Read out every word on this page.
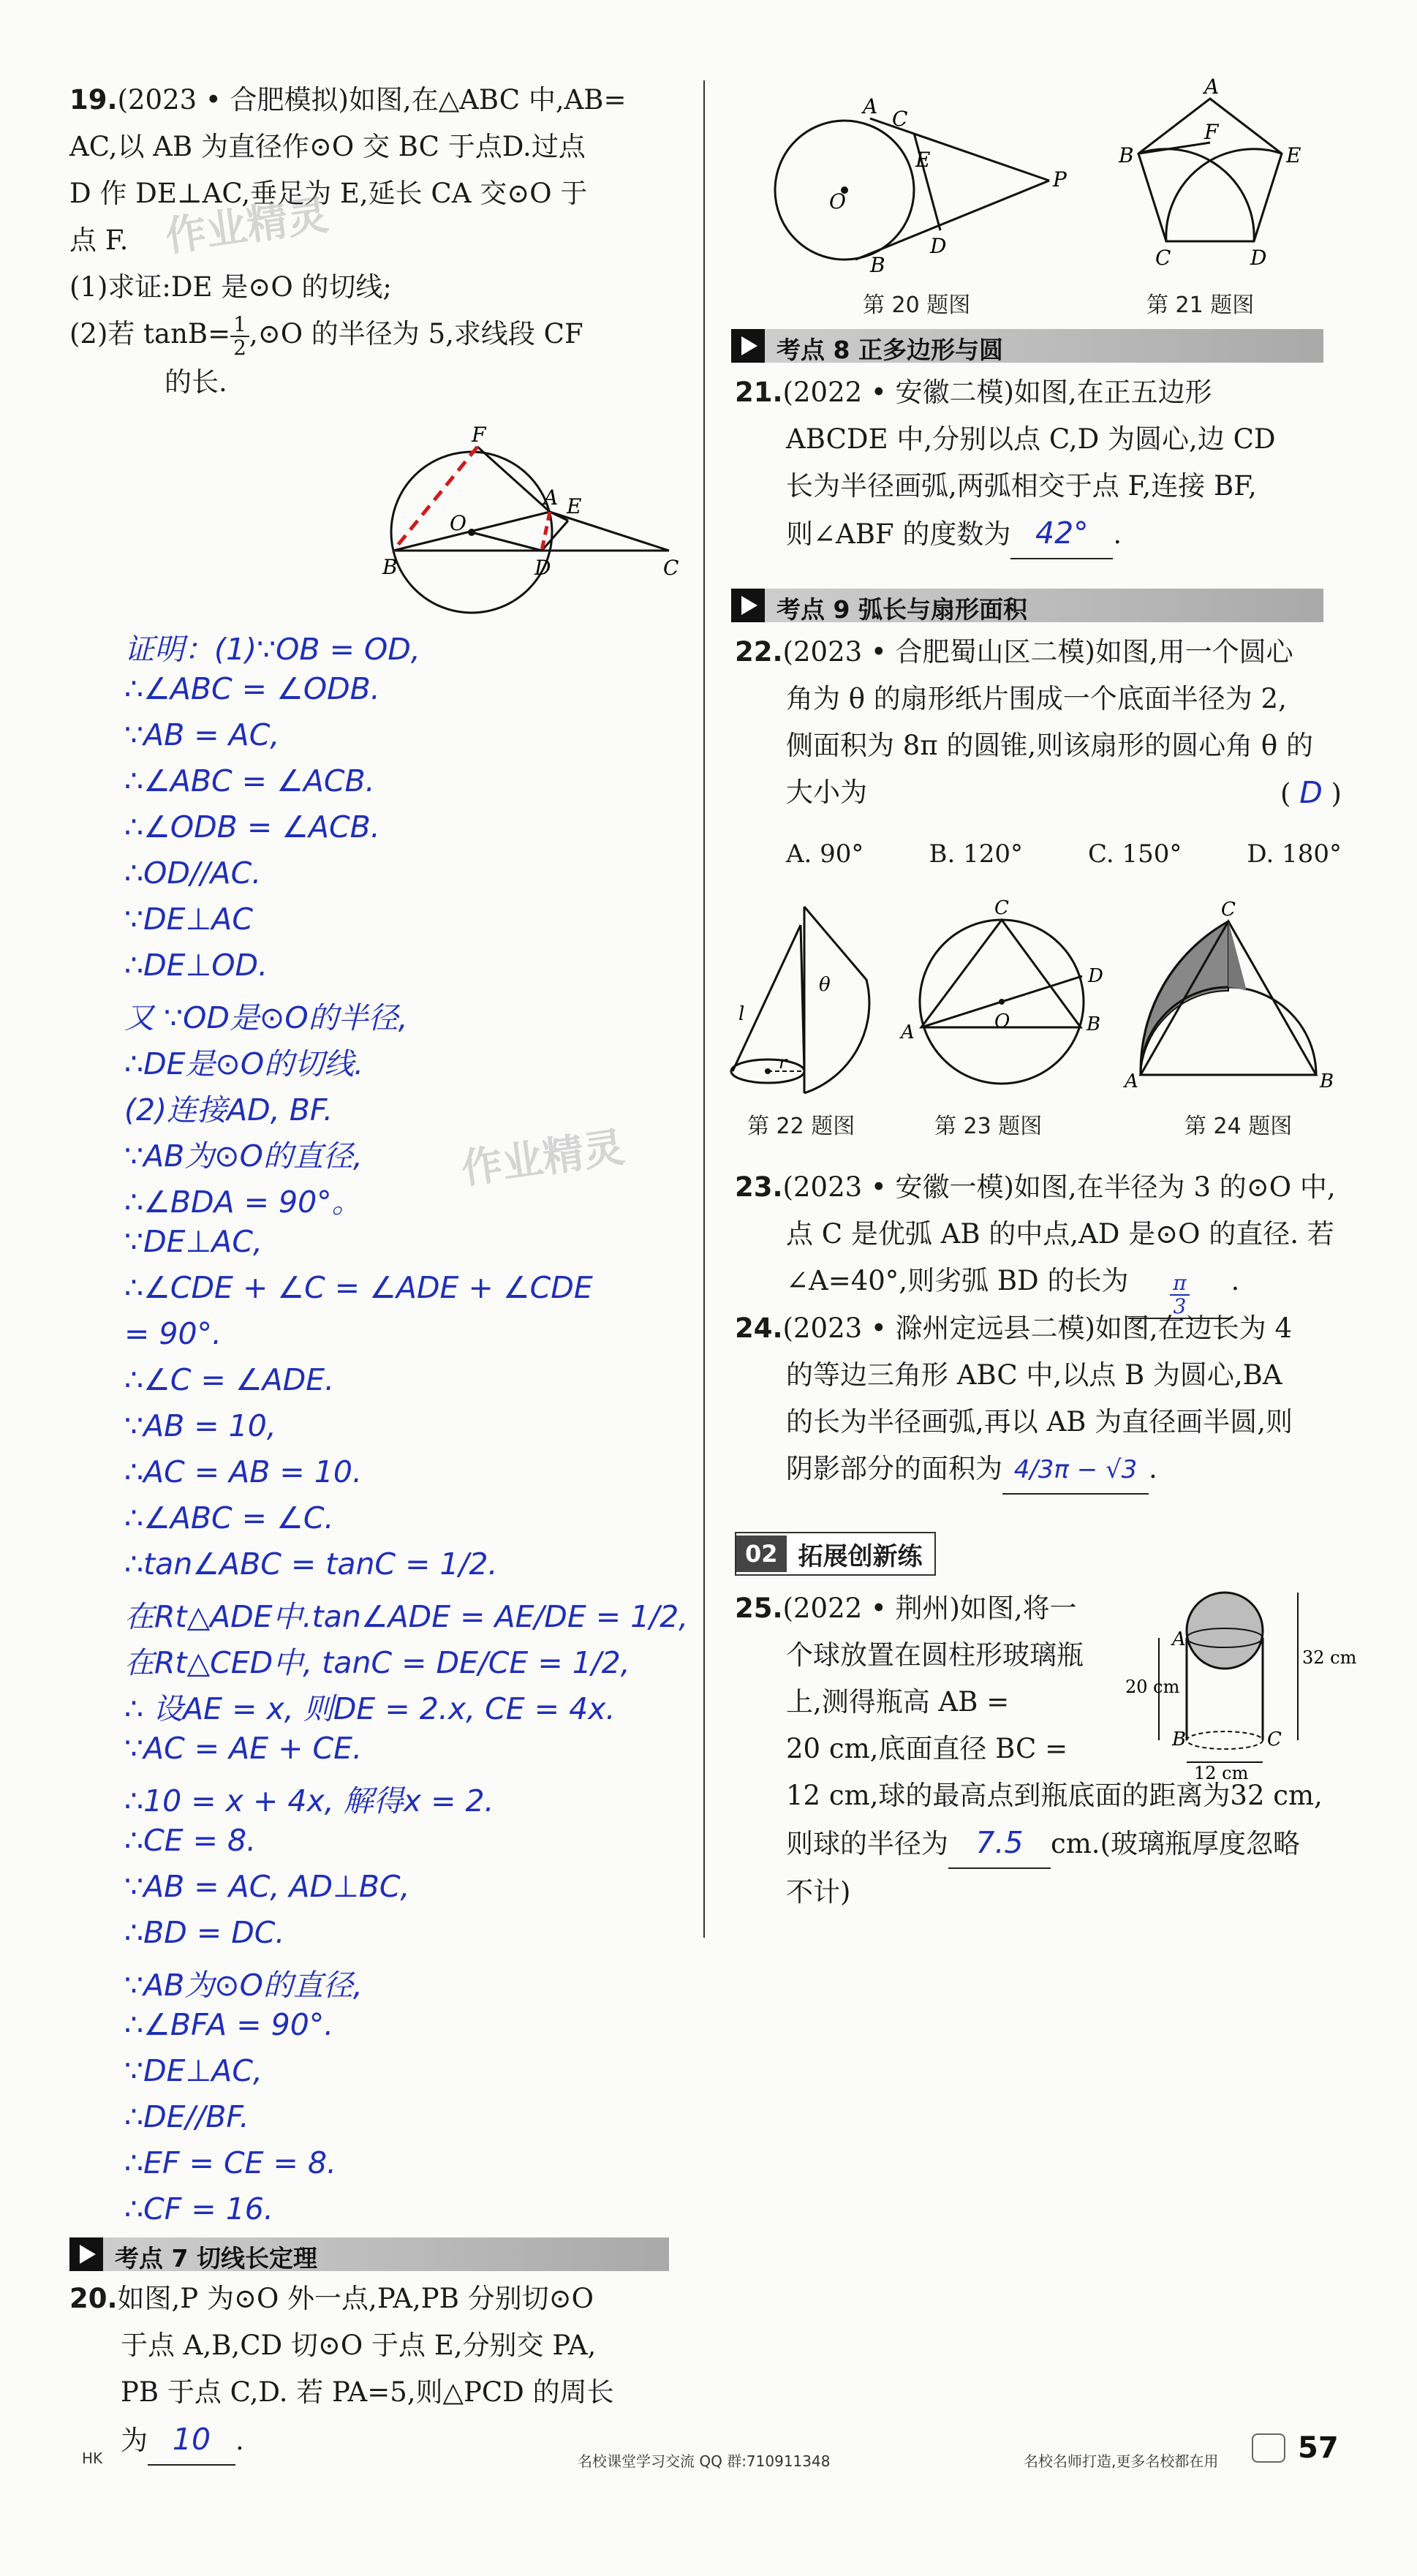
19.(2023 • 合肥模拟)如图,在△ABC 中,AB=
AC,以 AB 为直径作⊙O 交 BC 于点D.过点
D 作 DE⊥AC,垂足为 E,延长 CA 交⊙O 于
点 F.
(1)求证:DE 是⊙O 的切线;
(2)若 $\tan B= \frac{1}{2}$ ,⊙O 的半径为 5,求线段 CF
的长.
作业精灵
F
A E
O
B	D	C
证明：(1)∵OB = OD,
∴∠ABC = ∠ODB.
∵AB = AC,
∴∠ABC = ∠ACB.
∴∠ODB = ∠ACB.
∴OD//AC.
∵DE⊥AC
∴DE⊥OD.
又 ∵OD是⊙O的半径,
∴DE是⊙O的切线.
(2)连接AD, BF.
∵AB为⊙O的直径,
∴∠BDA = 90°。
∵DE⊥AC,
∴∠CDE + ∠C = ∠ADE + ∠CDE
= 90°.
∴∠C = ∠ADE.
∵AB = 10,
∴AC = AB = 10.
∴∠ABC = ∠C.
∴tan∠ABC = tanC = 1/2.
在Rt△ADE中.tan∠ADE = AE/DE = 1/2,
在Rt△CED中, tanC = DE/CE = 1/2,
∴ 设AE = x, 则DE = 2.x, CE = 4x.
∵AC = AE + CE.
∴10 = x + 4x, 解得x = 2.
∴CE = 8.
∵AB = AC, AD⊥BC,
∴BD = DC.
∵AB为⊙O的直径,
∴∠BFA = 90°.
∵DE⊥AC,
∴DE//BF.
∴EF = CE = 8.
∴CF = 16.
作业精灵
考点 7 切线长定理
20.如图,P 为⊙O 外一点,PA,PB 分别切⊙O
于点 A,B,CD 切⊙O 于点 E,分别交 PA,
PB 于点 C,D. 若 PA=5,则△PCD 的周长
为 10 .
A
C
E
O
P
D
B
第 20 题图
A
F
B	E
C	D
第 21 题图
考点 8 正多边形与圆
21.(2022 • 安徽二模)如图,在正五边形
ABCDE 中,分别以点 C,D 为圆心,边 CD
长为半径画弧,两弧相交于点 F,连接 BF,
则∠ABF 的度数为 42° .
考点 9 弧长与扇形面积
22.(2023 • 合肥蜀山区二模)如图,用一个圆心
角为 θ 的扇形纸片围成一个底面半径为 2,
侧面积为 8π 的圆锥,则该扇形的圆心角 θ 的
大小为	( D )
A. 90°	B. 120°	C. 150°	D. 180°
θ
l
r
第 22 题图
C
A	O
D
B
第 23 题图
C
A	B
第 24 题图
23.(2023 • 安徽一模)如图,在半径为 3 的⊙O 中,
点 C 是优弧 AB 的中点,AD 是⊙O 的直径. 若
∠A=40°,则劣弧 BD 的长为 $\frac{\pi}{3}$ .
24.(2023 • 滁州定远县二模)如图,在边长为 4
的等边三角形 ABC 中,以点 B 为圆心,BA
的长为半径画弧,再以 AB 为直径画半圆,则
阴影部分的面积为 4/3π − √3 .
02 拓展创新练
25.(2022 • 荆州)如图,将一
个球放置在圆柱形玻璃瓶
上,测得瓶高 AB =
20 cm,底面直径 BC =
12 cm,球的最高点到瓶底面的距离为32 cm,
则球的半径为 7.5 cm.(玻璃瓶厚度忽略
不计)
A
B	C
32 cm
20 cm
12 cm
HK	名校课堂学习交流 QQ 群:710911348	名校名师打造,更多名校都在用	57
